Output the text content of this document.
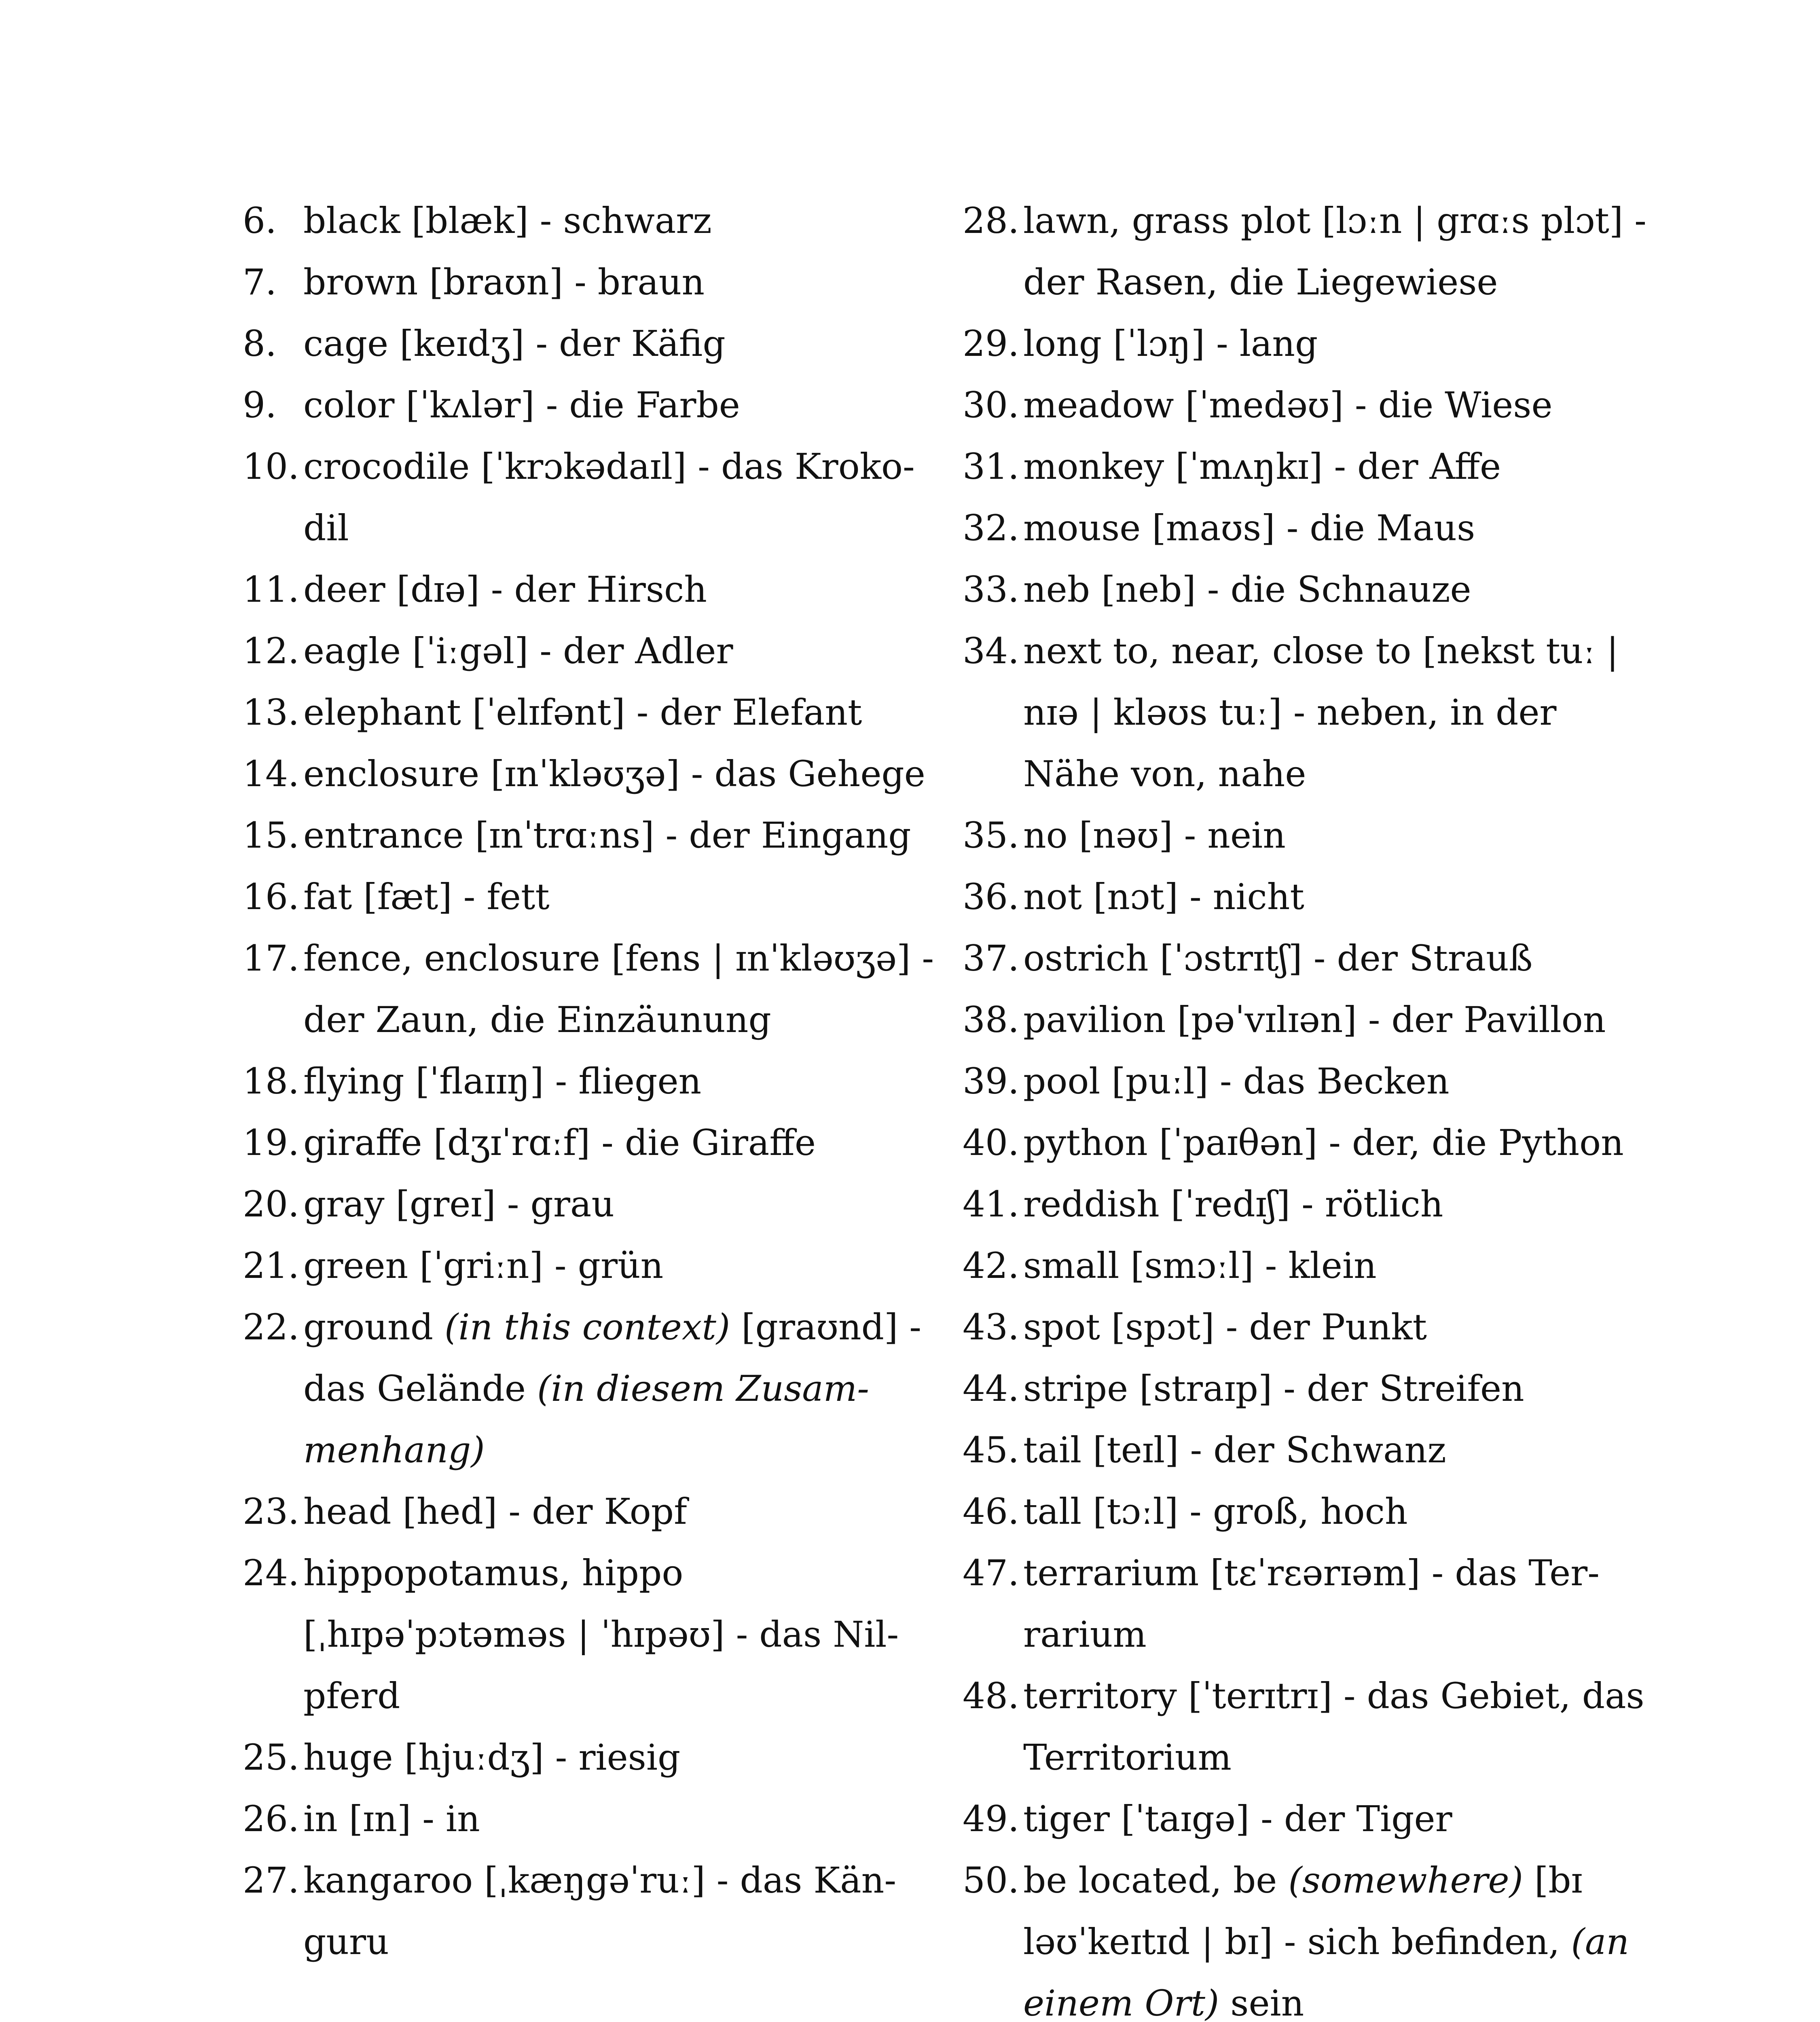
6. black [blæk] - schwarz
7. brown [braʊn] - braun
8. cage [keɪdʒ] - der Käfig
9. color [ˈkʌlər] - die Farbe
10. crocodile [ˈkrɔkədaɪl] - das Kroko-
dil
11. deer [dɪə] - der Hirsch
12. eagle [ˈiːgəl] - der Adler
13. elephant [ˈelɪfənt] - der Elefant
14. enclosure [ɪnˈkləʊʒə] - das Gehege
15. entrance [ɪnˈtrɑːns] - der Eingang
16. fat [fæt] - fett
17. fence, enclosure [fens | ɪnˈkləʊʒə] -
der Zaun, die Einzäunung
18. flying [ˈflaɪɪŋ] - fliegen
19. giraffe [dʒɪˈrɑːf] - die Giraffe
20. gray [greɪ] - grau
21. green [ˈgriːn] - grün
22. ground (in this context) [graʊnd] -
das Gelände (in diesem Zusam-
menhang)
23. head [hed] - der Kopf
24. hippopotamus, hippo
[ˌhɪpəˈpɔtəməs | ˈhɪpəʊ] - das Nil-
pferd
25. huge [hjuːdʒ] - riesig
26. in [ɪn] - in
27. kangaroo [ˌkæŋgəˈruː] - das Kän-
guru
28. lawn, grass plot [lɔːn | grɑːs plɔt] -
der Rasen, die Liegewiese
29. long [ˈlɔŋ] - lang
30. meadow [ˈmedəʊ] - die Wiese
31. monkey [ˈmʌŋkɪ] - der Affe
32. mouse [maʊs] - die Maus
33. neb [neb] - die Schnauze
34. next to, near, close to [nekst tuː |
nɪə | kləʊs tuː] - neben, in der
Nähe von, nahe
35. no [nəʊ] - nein
36. not [nɔt] - nicht
37. ostrich [ˈɔstrɪtʃ] - der Strauß
38. pavilion [pəˈvɪlɪən] - der Pavillon
39. pool [puːl] - das Becken
40. python [ˈpaɪθən] - der, die Python
41. reddish [ˈredɪʃ] - rötlich
42. small [smɔːl] - klein
43. spot [spɔt] - der Punkt
44. stripe [straɪp] - der Streifen
45. tail [teɪl] - der Schwanz
46. tall [tɔːl] - groß, hoch
47. terrarium [tɛˈrɛərɪəm] - das Ter-
rarium
48. territory [ˈterɪtrɪ] - das Gebiet, das
Territorium
49. tiger [ˈtaɪgə] - der Tiger
50. be located, be (somewhere) [bɪ
ləʊˈkeɪtɪd | bɪ] - sich befinden, (an
einem Ort) sein
